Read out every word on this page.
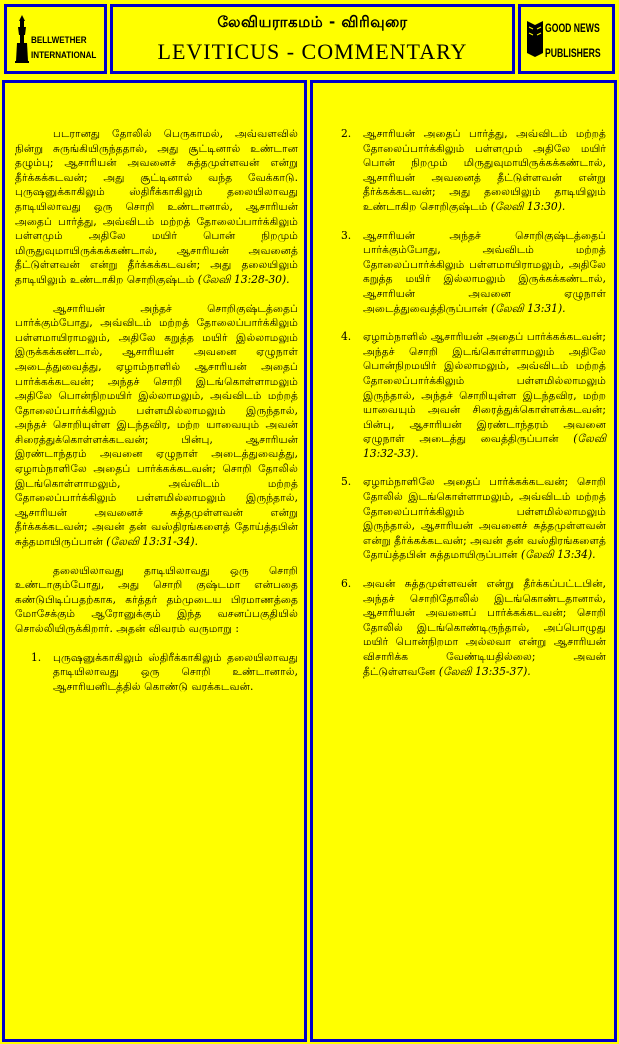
BELLWETHER
INTERNATIONAL
லேவியராகமம் - விரிவுரை
LEVITICUS - COMMENTARY
GOOD NEWS
PUBLISHERS

படரானது தோலில் பெருகாமல், அவ்வளவில் நின்று சுருங்கியிருந்ததால், அது சூட்டினால் உண்டான தழும்பு; ஆசாரியன் அவனைச் சுத்தமுள்ளவன் என்று தீர்க்கக்கடவன்; அது சூட்டினால் வந்த வேக்காடு. புருஷனுக்காகிலும் ஸ்திரீக்காகிலும் தலையிலாவது தாடியிலாவது ஒரு சொறி உண்டானால், ஆசாரியன் அதைப் பார்த்து, அவ்விடம் மற்றத் தோலைப்பார்க்கிலும் பள்ளமும் அதிலே மயிர் பொன் நிறமும் மிருதுவுமாயிருக்கக்கண்டால், ஆசாரியன் அவனைத் தீட்டுள்ளவன் என்று தீர்க்கக்கடவன்; அது தலையிலும் தாடியிலும் உண்டாகிற சொறிகுஷ்டம் (லேவி 13:28-30).

ஆசாரியன் அந்தச் சொறிகுஷ்டத்தைப் பார்க்கும்போது, அவ்விடம் மற்றத் தோலைப்பார்க்கிலும் பள்ளமாயிராமலும், அதிலே கறுத்த மயிர் இல்லாமலும் இருக்கக்கண்டால், ஆசாரியன் அவனை ஏழுநாள் அடைத்துவைத்து, ஏழாம்நாளில் ஆசாரியன் அதைப் பார்க்கக்கடவன்; அந்தச் சொறி இடங்கொள்ளாமலும் அதிலே பொன்நிறமயிர் இல்லாமலும், அவ்விடம் மற்றத் தோலைப்பார்க்கிலும் பள்ளமில்லாமலும் இருந்தால், அந்தச் சொறியுள்ள இடந்தவிர, மற்ற யாவையும் அவன் சிரைத்துக்கொள்ளக்கடவன்; பின்பு, ஆசாரியன் இரண்டாந்தரம் அவனை ஏழுநாள் அடைத்துவைத்து, ஏழாம்நாளிலே அதைப் பார்க்கக்கடவன்; சொறி தோலில் இடங்கொள்ளாமலும், அவ்விடம் மற்றத் தோலைப்பார்க்கிலும் பள்ளமில்லாமலும் இருந்தால், ஆசாரியன் அவனைச் சுத்தமுள்ளவன் என்று தீர்க்கக்கடவன்; அவன் தன் வஸ்திரங்களைத் தோய்த்தபின் சுத்தமாயிருப்பான் (லேவி 13:31-34).

தலையிலாவது தாடியிலாவது ஒரு சொறி உண்டாகும்போது, அது சொறி குஷ்டமா என்பதை கண்டுபிடிப்பதற்காக, கர்த்தர் தம்முடைய பிரமாணத்தை மோசேக்கும் ஆரோனுக்கும் இந்த வசனப்பகுதியில் சொல்லியிருக்கிறார். அதன் விவரம் வருமாறு :

1. புருஷனுக்காகிலும் ஸ்திரீக்காகிலும் தலையிலாவது தாடியிலாவது ஒரு சொறி உண்டானால், ஆசாரியனிடத்தில் கொண்டு வரக்கடவன்.
2. ஆசாரியன் அதைப் பார்த்து, அவ்விடம் மற்றத் தோலைப்பார்க்கிலும் பள்ளமும் அதிலே மயிர் பொன் நிறமும் மிருதுவுமாயிருக்கக்கண்டால், ஆசாரியன் அவனைத் தீட்டுள்ளவன் என்று தீர்க்கக்கடவன்; அது தலையிலும் தாடியிலும் உண்டாகிற சொறிகுஷ்டம் (லேவி 13:30).
3. ஆசாரியன் அந்தச் சொறிகுஷ்டத்தைப் பார்க்கும்போது, அவ்விடம் மற்றத் தோலைப்பார்க்கிலும் பள்ளமாயிராமலும், அதிலே கறுத்த மயிர் இல்லாமலும் இருக்கக்கண்டால், ஆசாரியன் அவனை ஏழுநாள் அடைத்துவைத்திருப்பான் (லேவி 13:31).
4. ஏழாம்நாளில் ஆசாரியன் அதைப் பார்க்கக்கடவன்; அந்தச் சொறி இடங்கொள்ளாமலும் அதிலே பொன்நிறமயிர் இல்லாமலும், அவ்விடம் மற்றத் தோலைப்பார்க்கிலும் பள்ளமில்லாமலும் இருந்தால், அந்தச் சொறியுள்ள இடந்தவிர, மற்ற யாவையும் அவன் சிரைத்துக்கொள்ளக்கடவன்; பின்பு, ஆசாரியன் இரண்டாந்தரம் அவனை ஏழுநாள் அடைத்து வைத்திருப்பான் (லேவி 13:32-33).
5. ஏழாம்நாளிலே அதைப் பார்க்கக்கடவன்; சொறி தோலில் இடங்கொள்ளாமலும், அவ்விடம் மற்றத் தோலைப்பார்க்கிலும் பள்ளமில்லாமலும் இருந்தால், ஆசாரியன் அவனைச் சுத்தமுள்ளவன் என்று தீர்க்கக்கடவன்; அவன் தன் வஸ்திரங்களைத் தோய்த்தபின் சுத்தமாயிருப்பான் (லேவி 13:34).
6. அவன் சுத்தமுள்ளவன் என்று தீர்க்கப்பட்டபின், அந்தச் சொறிதோலில் இடங்கொண்டதானால், ஆசாரியன் அவனைப் பார்க்கக்கடவன்; சொறி தோலில் இடங்கொண்டிருந்தால், அப்பொழுது மயிர் பொன்நிறமா அல்லவா என்று ஆசாரியன் விசாரிக்க வேண்டியதில்லை; அவன் தீட்டுள்ளவனே (லேவி 13:35-37).
